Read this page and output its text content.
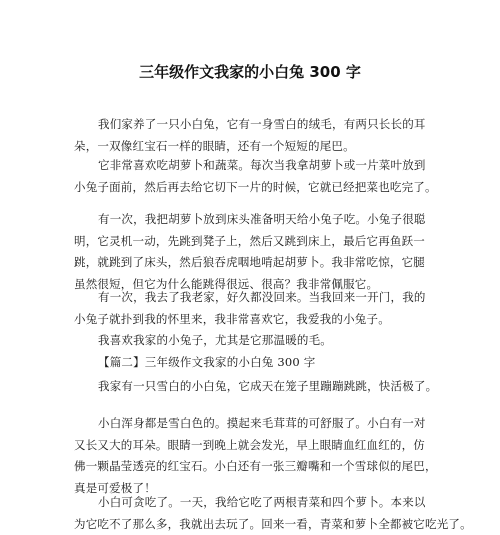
三年级作文我家的小白兔 300 字
我们家养了一只小白兔，它有一身雪白的绒毛，有两只长长的耳
朵，一双像红宝石一样的眼睛，还有一个短短的尾巴。
它非常喜欢吃胡萝卜和蔬菜。每次当我拿胡萝卜或一片菜叶放到
小兔子面前，然后再去给它切下一片的时候，它就已经把菜也吃完了。
有一次，我把胡萝卜放到床头准备明天给小兔子吃。小兔子很聪
明，它灵机一动，先跳到凳子上，然后又跳到床上，最后它再鱼跃一
跳，就跳到了床头，然后狼吞虎咽地啃起胡萝卜。我非常吃惊，它腿
虽然很短，但它为什么能跳得很远、很高？我非常佩服它。
有一次，我去了我老家，好久都没回来。当我回来一开门，我的
小兔子就扑到我的怀里来，我非常喜欢它，我爱我的小兔子。
我喜欢我家的小兔子，尤其是它那温暖的毛。
【篇二】三年级作文我家的小白兔 300 字
我家有一只雪白的小白兔，它成天在笼子里蹦蹦跳跳，快活极了。
小白浑身都是雪白色的。摸起来毛茸茸的可舒服了。小白有一对
又长又大的耳朵。眼睛一到晚上就会发光，早上眼睛血红血红的，仿
佛一颗晶莹透亮的红宝石。小白还有一张三瓣嘴和一个雪球似的尾巴，
真是可爱极了！
小白可贪吃了。一天，我给它吃了两根青菜和四个萝卜。本来以
为它吃不了那么多，我就出去玩了。回来一看，青菜和萝卜全都被它吃光了。
